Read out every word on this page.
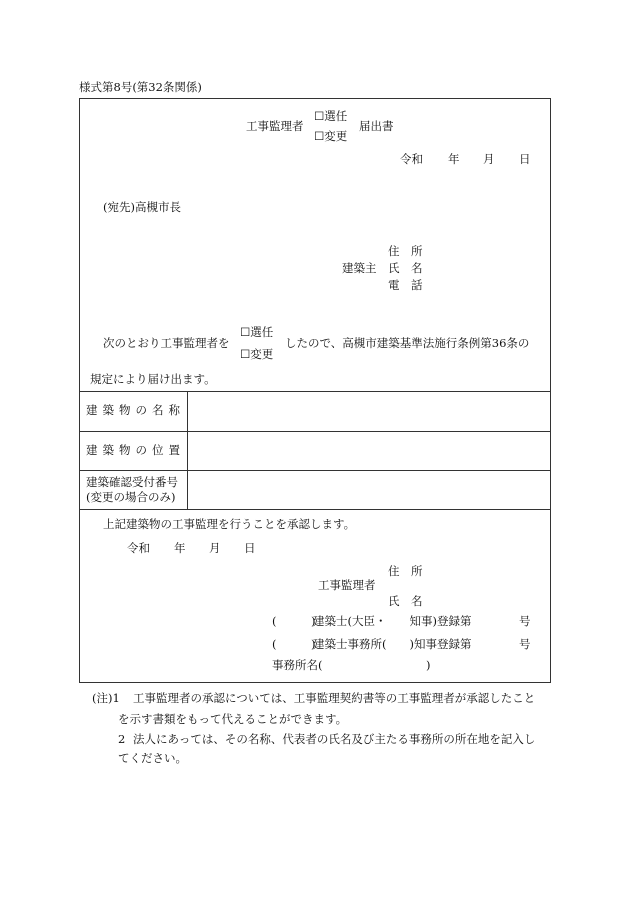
様式第8号(第32条関係)
工事監理者
☐選任
☐変更
届出書
令和 年 月 日
(宛先)高槻市長
建築主
住　所
氏　名
電　話
次のとおり工事監理者を
☐選任
☐変更
したので、高槻市建築基準法施行条例第36条の
規定により届け出ます。
建築物の名称
建築物の位置
建築確認受付番号
(変更の場合のみ)
上記建築物の工事監理を行うことを承認します。
令和 年 月 日
工事監理者
住　所
氏　名
(　　　)
建築士(大臣・　　知事)登録第	号
(　　　)
建築士事務所(　　)知事登録第	号
事務所名(　　　　　　　　　)
(注)1 工事監理者の承認については、工事監理契約書等の工事監理者が承認したこと
を示す書類をもって代えることができます。
2 法人にあっては、その名称、代表者の氏名及び主たる事務所の所在地を記入し
てください。
